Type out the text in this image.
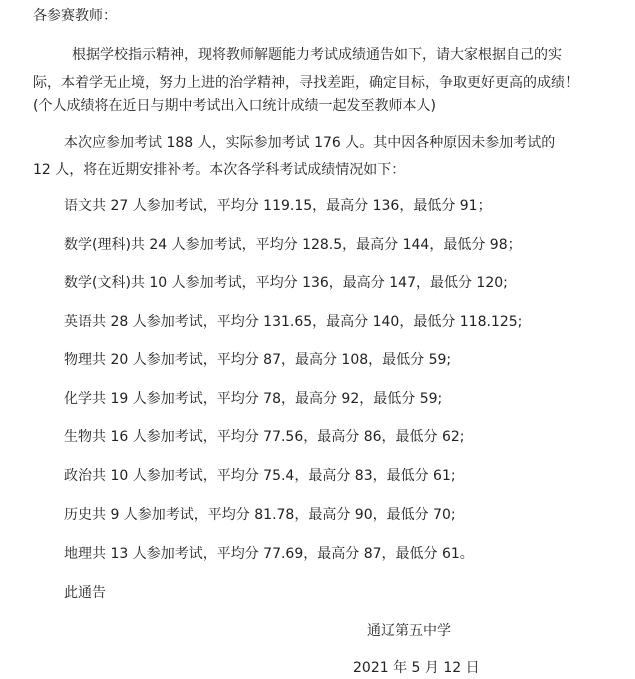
各参赛教师：
根据学校指示精神，现将教师解题能力考试成绩通告如下，请大家根据自己的实
际，本着学无止境，努力上进的治学精神，寻找差距，确定目标，争取更好更高的成绩！
(个人成绩将在近日与期中考试出入口统计成绩一起发至教师本人)
本次应参加考试 188 人，实际参加考试 176 人。其中因各种原因未参加考试的
12 人，将在近期安排补考。本次各学科考试成绩情况如下：
语文共 27 人参加考试，平均分 119.15，最高分 136，最低分 91；
数学(理科)共 24 人参加考试，平均分 128.5，最高分 144，最低分 98；
数学(文科)共 10 人参加考试，平均分 136，最高分 147，最低分 120;
英语共 28 人参加考试，平均分 131.65，最高分 140，最低分 118.125;
物理共 20 人参加考试，平均分 87，最高分 108，最低分 59;
化学共 19 人参加考试，平均分 78，最高分 92，最低分 59;
生物共 16 人参加考试，平均分 77.56，最高分 86，最低分 62;
政治共 10 人参加考试，平均分 75.4，最高分 83，最低分 61;
历史共 9 人参加考试，平均分 81.78，最高分 90，最低分 70;
地理共 13 人参加考试，平均分 77.69，最高分 87，最低分 61。
此通告
通辽第五中学
2021 年 5 月 12 日
